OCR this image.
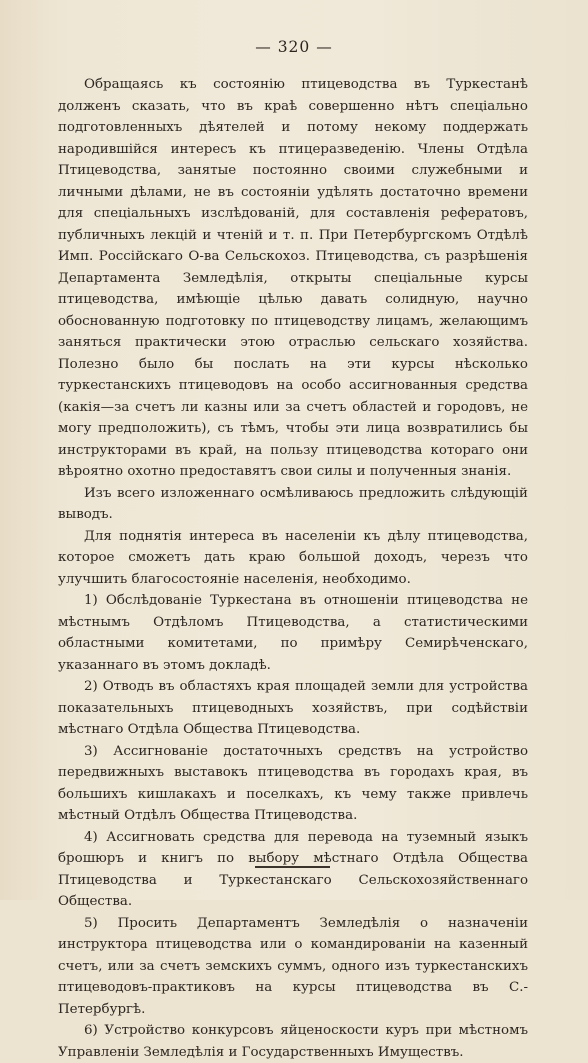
— 320 —

Обращаясь къ состоянію птицеводства въ Туркестанѣ долженъ сказать, что въ краѣ совершенно нѣтъ спеціально подготовленныхъ дѣятелей и потому некому поддержать народившійся интересъ къ птицеразведенію. Члены Отдѣла Птицеводства, занятые постоянно своими служебными и личными дѣлами, не въ состояніи удѣлять достаточно времени для спеціальныхъ изслѣдованій, для составленія рефератовъ, публичныхъ лекцій и чтеній и т. п. При Петербургскомъ Отдѣлѣ Имп. Россійскаго О-ва Сельскохоз. Птицеводства, съ разрѣшенія Департамента Земледѣлія, открыты спеціальные курсы птицеводства, имѣющіе цѣлью давать солидную, научно обоснованную подготовку по птицеводству лицамъ, желающимъ заняться практически этою отраслью сельскаго хозяйства. Полезно было бы послать на эти курсы нѣсколько туркестанскихъ птицеводовъ на особо ассигнованныя средства (какія—за счетъ ли казны или за счетъ областей и городовъ, не могу предположить), съ тѣмъ, чтобы эти лица возвратились бы инструкторами въ край, на пользу птицеводства котораго они вѣроятно охотно предоставятъ свои силы и полученныя знанія.

Изъ всего изложеннаго осмѣливаюсь предложить слѣдующій выводъ.

Для поднятія интереса въ населеніи къ дѣлу птицеводства, которое сможетъ дать краю большой доходъ, черезъ что улучшить благосостояніе населенія, необходимо.

1) Обслѣдованіе Туркестана въ отношеніи птицеводства не мѣстнымъ Отдѣломъ Птицеводства, а статистическими областными комитетами, по примѣру Семирѣченскаго, указаннаго въ этомъ докладѣ.

2) Отводъ въ областяхъ края площадей земли для устройства показательныхъ птицеводныхъ хозяйствъ, при содѣйствіи мѣстнаго Отдѣла Общества Птицеводства.

3) Ассигнованіе достаточныхъ средствъ на устройство передвижныхъ выставокъ птицеводства въ городахъ края, въ большихъ кишлакахъ и поселкахъ, къ чему также привлечь мѣстный Отдѣлъ Общества Птицеводства.

4) Ассигновать средства для перевода на туземный языкъ брошюръ и книгъ по выбору мѣстнаго Отдѣла Общества Птицеводства и Туркестанскаго Сельскохозяйственнаго Общества.

5) Просить Департаментъ Земледѣлія о назначеніи инструктора птицеводства или о командированіи на казенный счетъ, или за счетъ земскихъ суммъ, одного изъ туркестанскихъ птицеводовъ-практиковъ на курсы птицеводства въ С.-Петербургѣ.

6) Устройство конкурсовъ яйценоскости куръ при мѣстномъ Управленіи Земледѣлія и Государственныхъ Имуществъ.
